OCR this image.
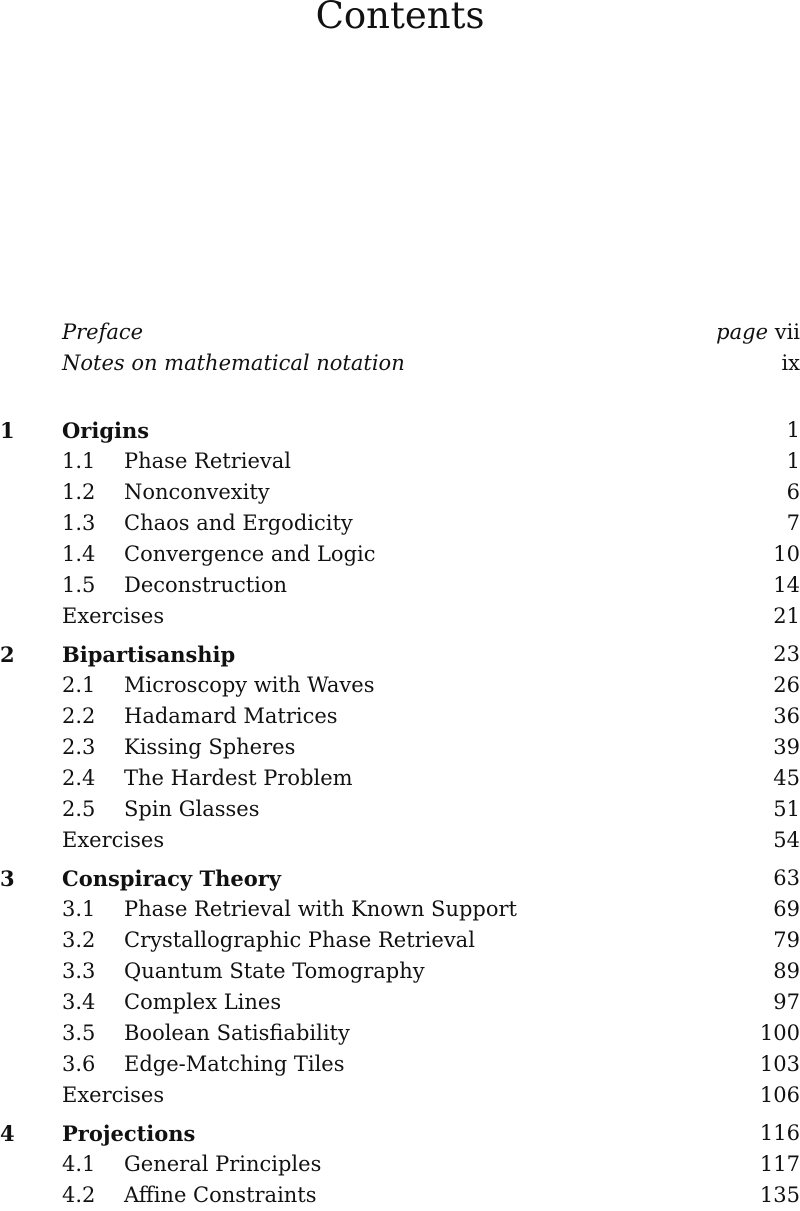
Contents
Preface	page vii
Notes on mathematical notation	ix
1 Origins	1
1.1 Phase Retrieval	1
1.2 Nonconvexity	6
1.3 Chaos and Ergodicity	7
1.4 Convergence and Logic	10
1.5 Deconstruction	14
Exercises	21
2 Bipartisanship	23
2.1 Microscopy with Waves	26
2.2 Hadamard Matrices	36
2.3 Kissing Spheres	39
2.4 The Hardest Problem	45
2.5 Spin Glasses	51
Exercises	54
3 Conspiracy Theory	63
3.1 Phase Retrieval with Known Support	69
3.2 Crystallographic Phase Retrieval	79
3.3 Quantum State Tomography	89
3.4 Complex Lines	97
3.5 Boolean Satisfiability	100
3.6 Edge-Matching Tiles	103
Exercises	106
4 Projections	116
4.1 General Principles	117
4.2 Affine Constraints	135
